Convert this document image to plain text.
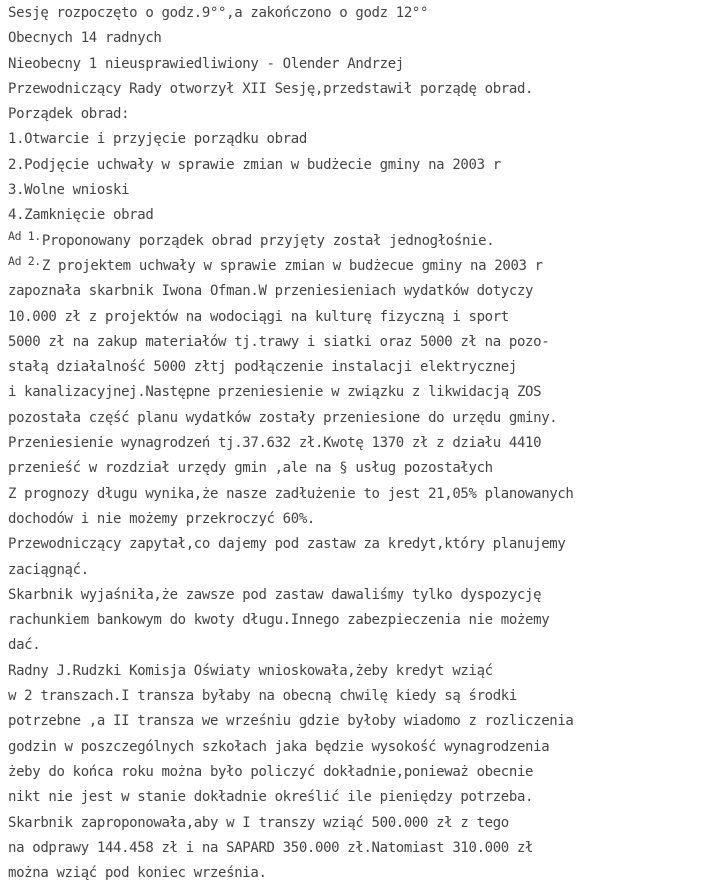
Sesję rozpoczęto o godz.9°°,a zakończono o godz 12°°
Obecnych 14 radnych
Nieobecny 1 nieusprawiedliwiony - Olender Andrzej
Przewodniczący Rady otworzył XII Sesję,przedstawił porządę obrad.
Porządek obrad:
1.Otwarcie i przyjęcie porządku obrad
2.Podjęcie uchwały w sprawie zmian w budżecie gminy na 2003 r
3.Wolne wnioski
4.Zamknięcie obrad
$^{Ad 1.}$Proponowany porządek obrad przyjęty został jednogłośnie.
$^{Ad 2.}$Z projektem uchwały w sprawie zmian w budżecue gminy na 2003 r
zapoznała skarbnik Iwona Ofman.W przeniesieniach wydatków dotyczy
10.000 zł z projektów na wodociągi na kulturę fizyczną i sport
5000 zł na zakup materiałów tj.trawy i siatki oraz 5000 zł na pozo-
stałą działalność 5000 złtj podłączenie instalacji elektrycznej
i kanalizacyjnej.Następne przeniesienie w związku z likwidacją ZOS
pozostała część planu wydatków zostały przeniesione do urzędu gminy.
Przeniesienie wynagrodzeń tj.37.632 zł.Kwotę 1370 zł z działu 4410
przenieść w rozdział urzędy gmin ,ale na § usług pozostałych
Z prognozy długu wynika,że nasze zadłużenie to jest 21,05% planowanych
dochodów i nie możemy przekroczyć 60%.
Przewodniczący zapytał,co dajemy pod zastaw za kredyt,który planujemy
zaciągnąć.
Skarbnik wyjaśniła,że zawsze pod zastaw dawaliśmy tylko dyspozycję
rachunkiem bankowym do kwoty długu.Innego zabezpieczenia nie możemy
dać.
Radny J.Rudzki Komisja Oświaty wnioskowała,żeby kredyt wziąć
w 2 transzach.I transza byłaby na obecną chwilę kiedy są środki
potrzebne ,a II transza we wrześniu gdzie byłoby wiadomo z rozliczenia
godzin w poszczególnych szkołach jaka będzie wysokość wynagrodzenia
żeby do końca roku można było policzyć dokładnie,ponieważ obecnie
nikt nie jest w stanie dokładnie określić ile pieniędzy potrzeba.
Skarbnik zaproponowała,aby w I transzy wziąć 500.000 zł z tego
na odprawy 144.458 zł i na SAPARD 350.000 zł.Natomiast 310.000 zł
można wziąć pod koniec września.
